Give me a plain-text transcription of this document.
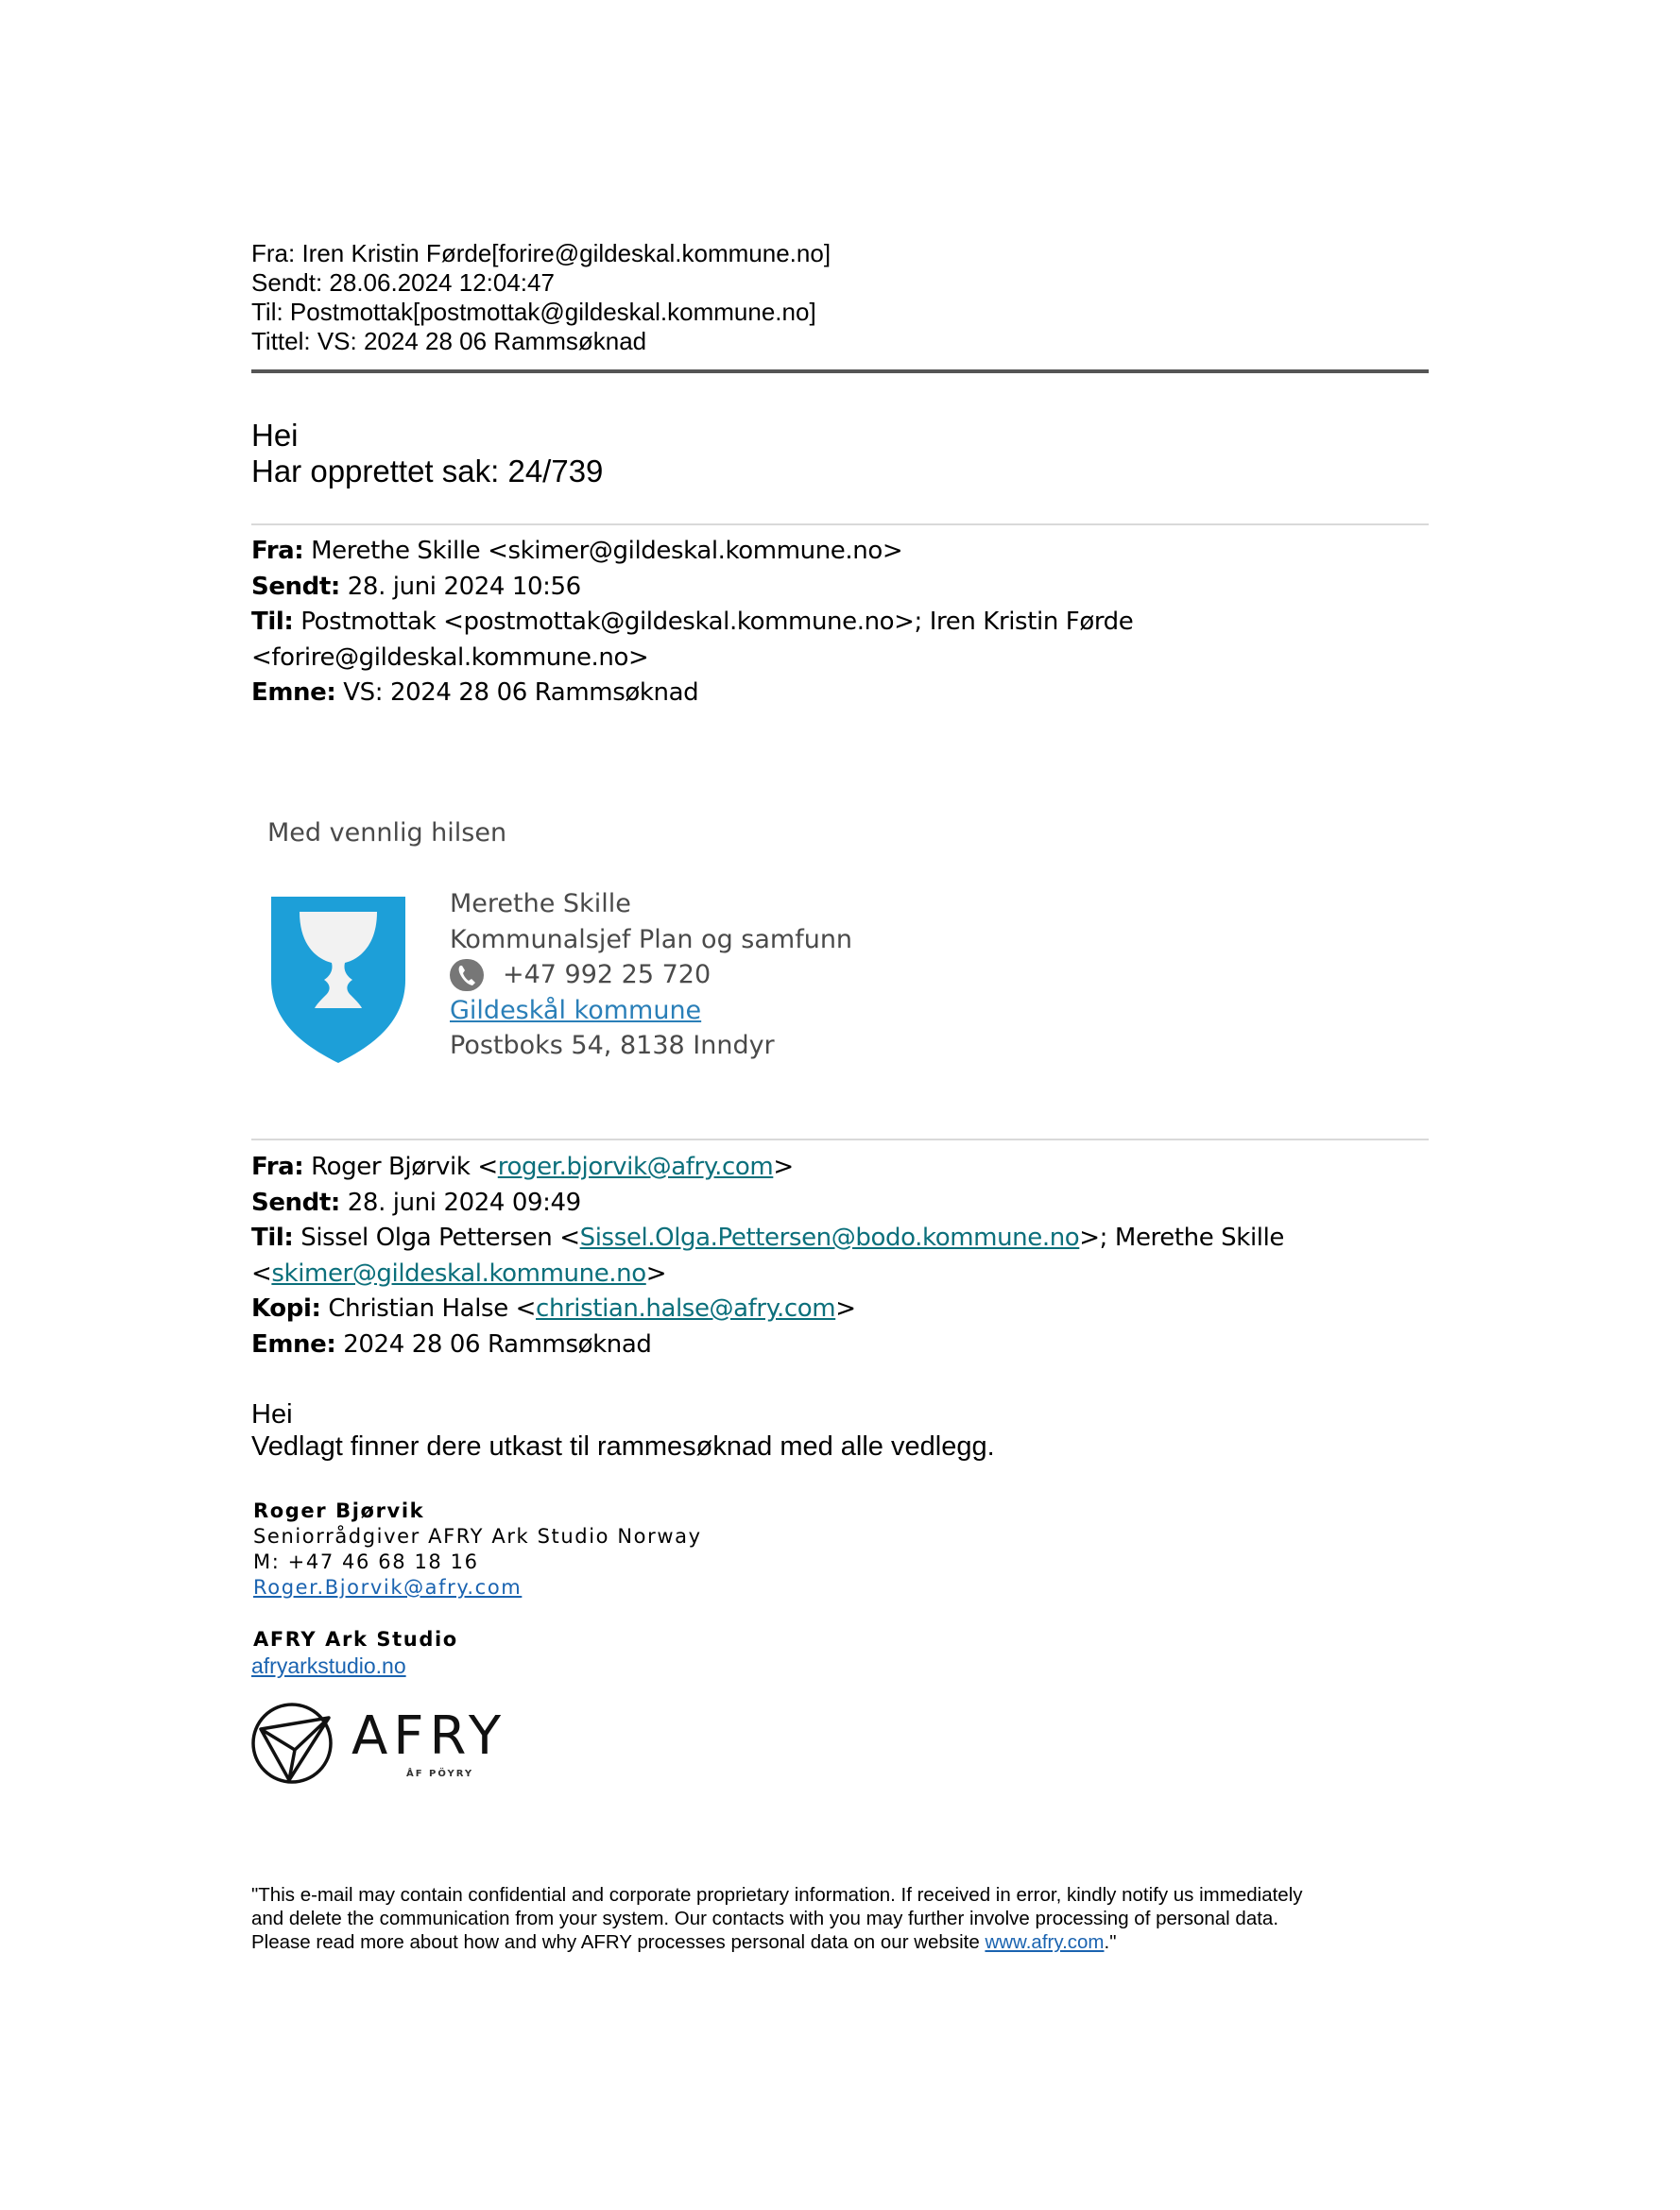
Fra: Iren Kristin Førde[forire@gildeskal.kommune.no]
Sendt: 28.06.2024 12:04:47
Til: Postmottak[postmottak@gildeskal.kommune.no]
Tittel: VS: 2024 28 06 Rammsøknad
Hei
Har opprettet sak: 24/739
Fra: Merethe Skille <skimer@gildeskal.kommune.no>
Sendt: 28. juni 2024 10:56
Til: Postmottak <postmottak@gildeskal.kommune.no>; Iren Kristin Førde
<forire@gildeskal.kommune.no>
Emne: VS: 2024 28 06 Rammsøknad
Med vennlig hilsen
Merethe Skille
Kommunalsjef Plan og samfunn
+47 992 25 720
Gildeskål kommune
Postboks 54, 8138 Inndyr
Fra: Roger Bjørvik <roger.bjorvik@afry.com>
Sendt: 28. juni 2024 09:49
Til: Sissel Olga Pettersen <Sissel.Olga.Pettersen@bodo.kommune.no>; Merethe Skille
<skimer@gildeskal.kommune.no>
Kopi: Christian Halse <christian.halse@afry.com>
Emne: 2024 28 06 Rammsøknad
Hei
Vedlagt finner dere utkast til rammesøknad med alle vedlegg.
Roger Bjørvik
Seniorrådgiver AFRY Ark Studio Norway
M: +47 46 68 18 16
Roger.Bjorvik@afry.com
AFRY Ark Studio
afryarkstudio.no
AFRY
ÅF PÖYRY
"This e-mail may contain confidential and corporate proprietary information. If received in error, kindly notify us immediately
and delete the communication from your system. Our contacts with you may further involve processing of personal data.
Please read more about how and why AFRY processes personal data on our website www.afry.com."
